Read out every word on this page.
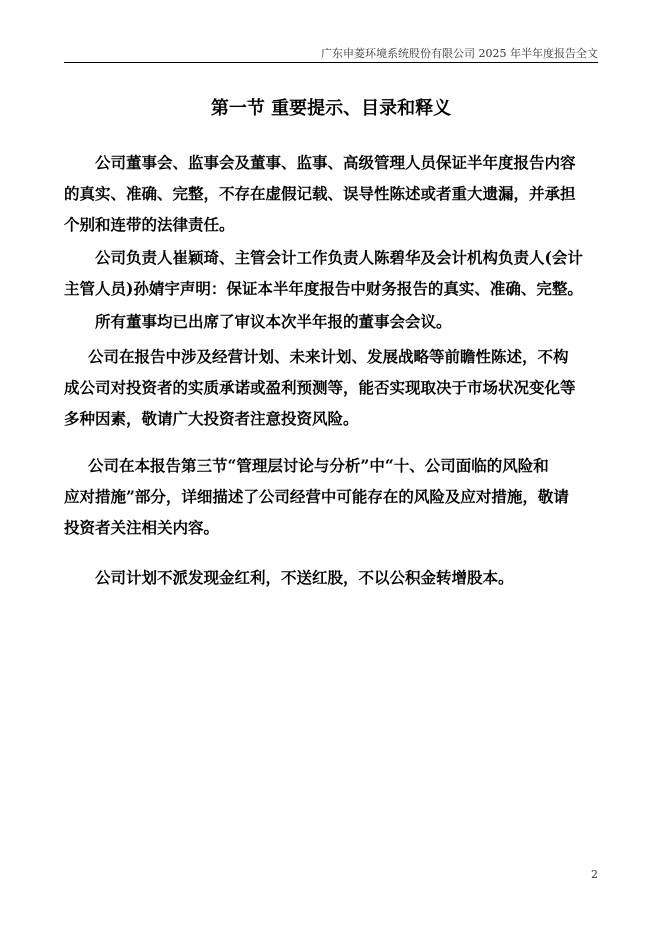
广东申菱环境系统股份有限公司 2025 年半年度报告全文
第一节 重要提示、目录和释义
公司董事会、监事会及董事、监事、高级管理人员保证半年度报告内容
的真实、准确、完整，不存在虚假记载、误导性陈述或者重大遗漏，并承担
个别和连带的法律责任。
公司负责人崔颖琦、主管会计工作负责人陈碧华及会计机构负责人(会计
主管人员)孙婧宇声明：保证本半年度报告中财务报告的真实、准确、完整。
所有董事均已出席了审议本次半年报的董事会会议。
公司在报告中涉及经营计划、未来计划、发展战略等前瞻性陈述，不构
成公司对投资者的实质承诺或盈利预测等，能否实现取决于市场状况变化等
多种因素，敬请广大投资者注意投资风险。
公司在本报告第三节“管理层讨论与分析”中“十、公司面临的风险和
应对措施”部分，详细描述了公司经营中可能存在的风险及应对措施，敬请
投资者关注相关内容。
公司计划不派发现金红利，不送红股，不以公积金转增股本。
2
